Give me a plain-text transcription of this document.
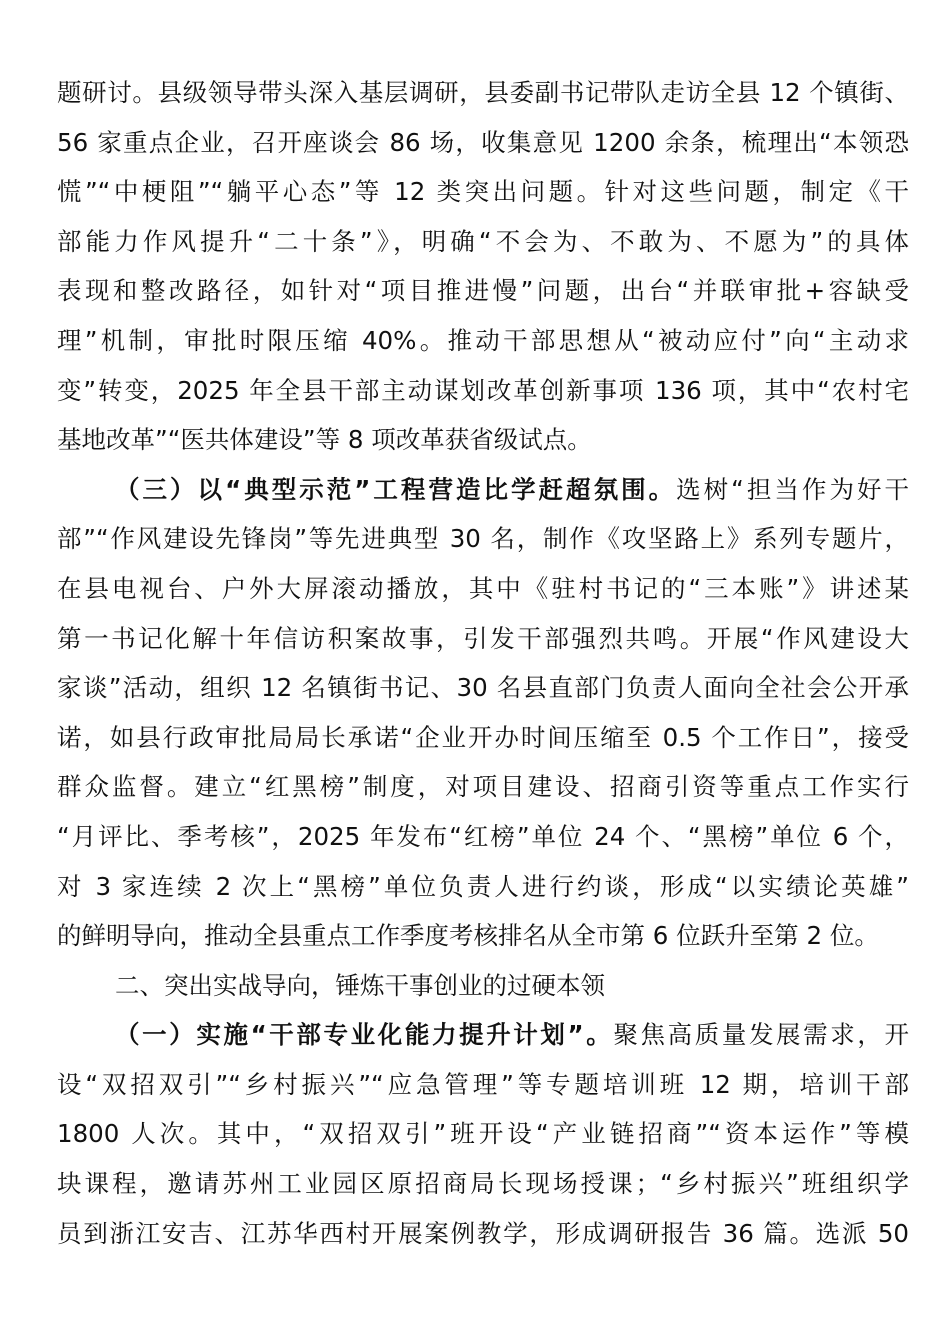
题研讨。县级领导带头深入基层调研，县委副书记带队走访全县 12 个镇街、
56 家重点企业，召开座谈会 86 场，收集意见 1200 余条，梳理出“本领恐
慌”“中梗阻”“躺平心态”等 12 类突出问题。针对这些问题，制定《干
部能力作风提升“二十条”》，明确“不会为、不敢为、不愿为”的具体
表现和整改路径，如针对“项目推进慢”问题，出台“并联审批+容缺受
理”机制，审批时限压缩 40%。推动干部思想从“被动应付”向“主动求
变”转变，2025 年全县干部主动谋划改革创新事项 136 项，其中“农村宅
基地改革”“医共体建设”等 8 项改革获省级试点。
（三）以“典型示范”工程营造比学赶超氛围。选树“担当作为好干
部”“作风建设先锋岗”等先进典型 30 名，制作《攻坚路上》系列专题片，
在县电视台、户外大屏滚动播放，其中《驻村书记的“三本账”》讲述某
第一书记化解十年信访积案故事，引发干部强烈共鸣。开展“作风建设大
家谈”活动，组织 12 名镇街书记、30 名县直部门负责人面向全社会公开承
诺，如县行政审批局局长承诺“企业开办时间压缩至 0.5 个工作日”，接受
群众监督。建立“红黑榜”制度，对项目建设、招商引资等重点工作实行
“月评比、季考核”，2025 年发布“红榜”单位 24 个、“黑榜”单位 6 个，
对 3 家连续 2 次上“黑榜”单位负责人进行约谈，形成“以实绩论英雄”
的鲜明导向，推动全县重点工作季度考核排名从全市第 6 位跃升至第 2 位。
二、突出实战导向，锤炼干事创业的过硬本领
（一）实施“干部专业化能力提升计划”。聚焦高质量发展需求，开
设“双招双引”“乡村振兴”“应急管理”等专题培训班 12 期，培训干部
1800 人次。其中，“双招双引”班开设“产业链招商”“资本运作”等模
块课程，邀请苏州工业园区原招商局长现场授课；“乡村振兴”班组织学
员到浙江安吉、江苏华西村开展案例教学，形成调研报告 36 篇。选派 50
